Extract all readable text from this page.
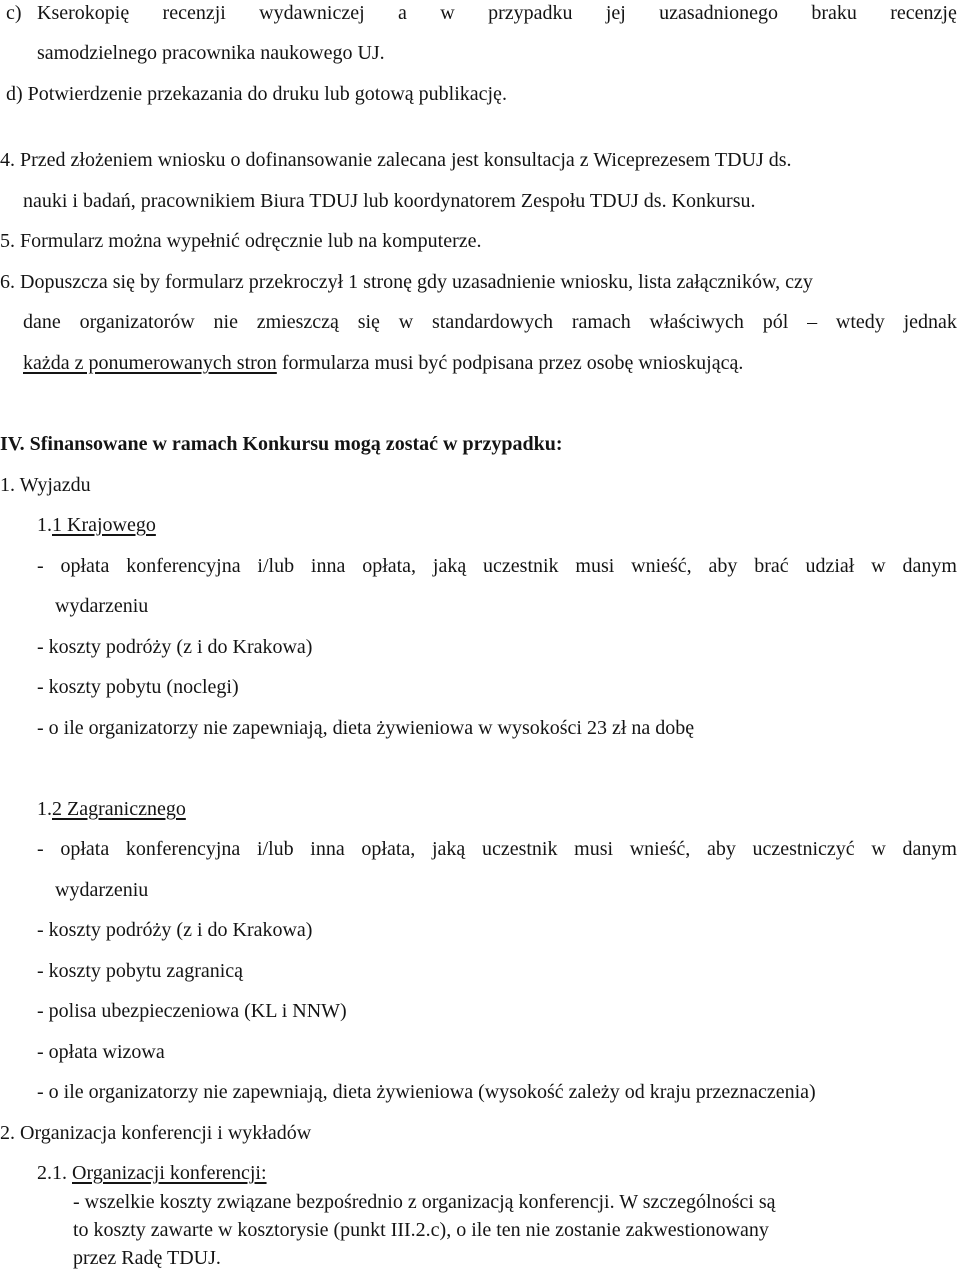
c) Kserokopię recenzji wydawniczej a w przypadku jej uzasadnionego braku recenzję
samodzielnego pracownika naukowego UJ.
d) Potwierdzenie przekazania do druku lub gotową publikację.
4. Przed złożeniem wniosku o dofinansowanie zalecana jest konsultacja z Wiceprezesem TDUJ ds.
nauki i badań, pracownikiem Biura TDUJ lub koordynatorem Zespołu TDUJ ds. Konkursu.
5. Formularz można wypełnić odręcznie lub na komputerze.
6. Dopuszcza się by formularz przekroczył 1 stronę gdy uzasadnienie wniosku, lista załączników, czy
dane organizatorów nie zmieszczą się w standardowych ramach właściwych pól – wtedy jednak
każda z ponumerowanych stron formularza musi być podpisana przez osobę wnioskującą.
IV. Sfinansowane w ramach Konkursu mogą zostać w przypadku:
1. Wyjazdu
1.1 Krajowego
- opłata konferencyjna i/lub inna opłata, jaką uczestnik musi wnieść, aby brać udział w danym
wydarzeniu
- koszty podróży (z i do Krakowa)
- koszty pobytu (noclegi)
- o ile organizatorzy nie zapewniają, dieta żywieniowa w wysokości 23 zł na dobę
1.2 Zagranicznego
- opłata konferencyjna i/lub inna opłata, jaką uczestnik musi wnieść, aby uczestniczyć w danym
wydarzeniu
- koszty podróży (z i do Krakowa)
- koszty pobytu zagranicą
- polisa ubezpieczeniowa (KL i NNW)
- opłata wizowa
- o ile organizatorzy nie zapewniają, dieta żywieniowa (wysokość zależy od kraju przeznaczenia)
2. Organizacja konferencji i wykładów
2.1. Organizacji konferencji:
- wszelkie koszty związane bezpośrednio z organizacją konferencji. W szczególności są
to koszty zawarte w kosztorysie (punkt III.2.c), o ile ten nie zostanie zakwestionowany
przez Radę TDUJ.
